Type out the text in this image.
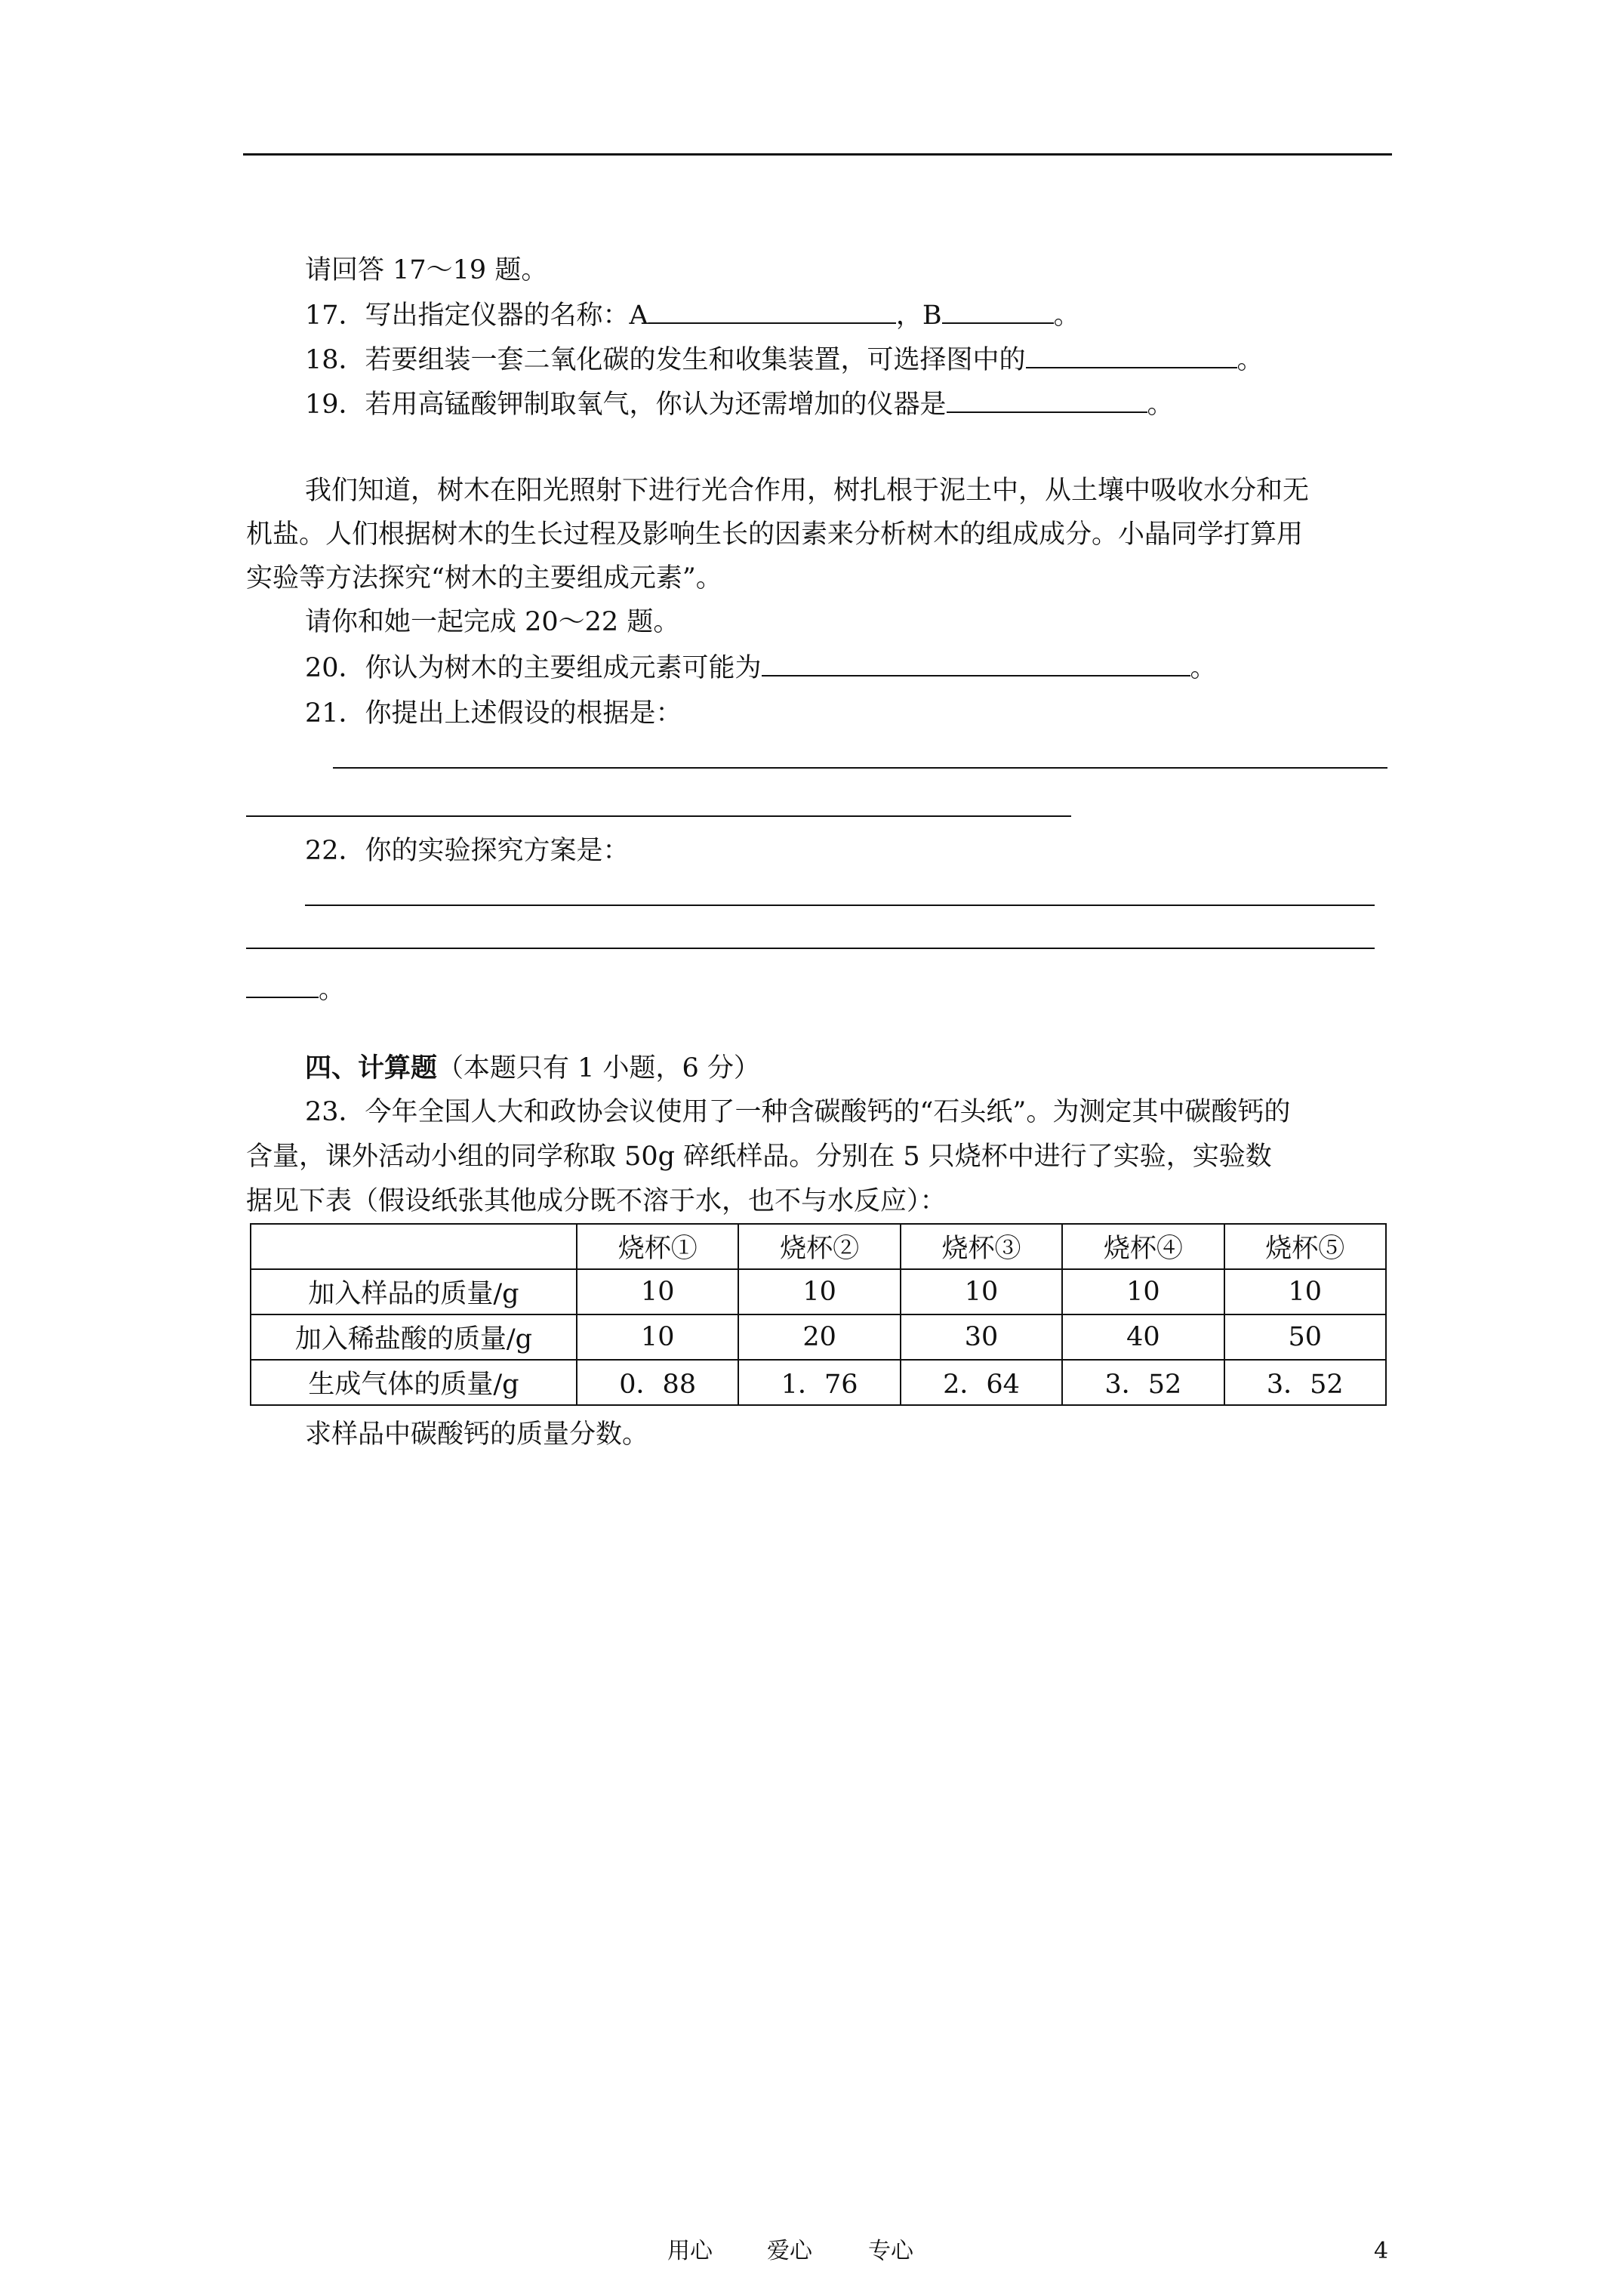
请回答 17～19 题。
17．写出指定仪器的名称：A	，B	。
18．若要组装一套二氧化碳的发生和收集装置，可选择图中的	。
19．若用高锰酸钾制取氧气，你认为还需增加的仪器是	。
我们知道，树木在阳光照射下进行光合作用，树扎根于泥土中，从土壤中吸收水分和无
机盐。人们根据树木的生长过程及影响生长的因素来分析树木的组成成分。小晶同学打算用
实验等方法探究“树木的主要组成元素”。
请你和她一起完成 20～22 题。
20．你认为树木的主要组成元素可能为	。
21．你提出上述假设的根据是：
22．你的实验探究方案是：
。
四、计算题（本题只有 1 小题，6 分）
23．今年全国人大和政协会议使用了一种含碳酸钙的“石头纸”。为测定其中碳酸钙的
含量，课外活动小组的同学称取 50g 碎纸样品。分别在 5 只烧杯中进行了实验，实验数
据见下表（假设纸张其他成分既不溶于水，也不与水反应）：
	烧杯①	烧杯②	烧杯③	烧杯④	烧杯⑤
加入样品的质量/g	10	10	10	10	10
加入稀盐酸的质量/g	10	20	30	40	50
生成气体的质量/g	0．88	1．76	2．64	3．52	3．52
求样品中碳酸钙的质量分数。
用心 爱心 专心	4
